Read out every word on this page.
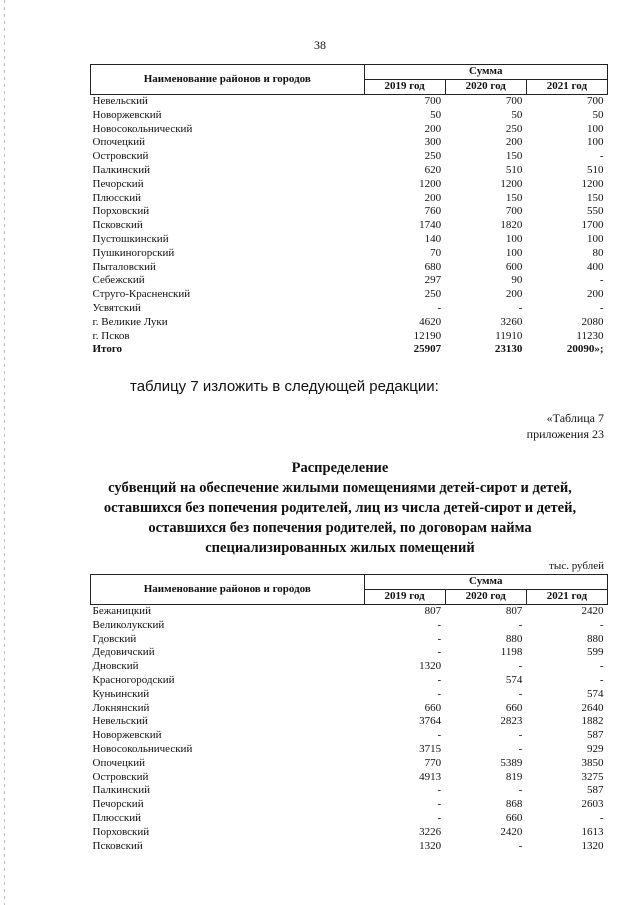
38
Наименование районов и городов	Сумма		
	2019 год	2020 год	2021 год
Невельский	700	700	700
Новоржевский	50	50	50
Новосокольнический	200	250	100
Опочецкий	300	200	100
Островский	250	150	-
Палкинский	620	510	510
Печорский	1200	1200	1200
Плюсский	200	150	150
Порховский	760	700	550
Псковский	1740	1820	1700
Пустошкинский	140	100	100
Пушкиногорский	70	100	80
Пыталовский	680	600	400
Себежский	297	90	-
Струго-Красненский	250	200	200
Усвятский	-	-	-
г. Великие Луки	4620	3260	2080
г. Псков	12190	11910	11230
Итого	25907	23130	20090»;
таблицу 7 изложить в следующей редакции:
«Таблица 7
приложения 23
Распределение
субвенций на обеспечение жилыми помещениями детей-сирот и детей,
оставшихся без попечения родителей, лиц из числа детей-сирот и детей,
оставшихся без попечения родителей, по договорам найма
специализированных жилых помещений
тыс. рублей
Наименование районов и городов	Сумма		
	2019 год	2020 год	2021 год
Бежаницкий	807	807	2420
Великолукский	-	-	-
Гдовский	-	880	880
Дедовичский	-	1198	599
Дновский	1320	-	-
Красногородский	-	574	-
Куньинский	-	-	574
Локнянский	660	660	2640
Невельский	3764	2823	1882
Новоржевский	-	-	587
Новосокольнический	3715	-	929
Опочецкий	770	5389	3850
Островский	4913	819	3275
Палкинский	-	-	587
Печорский	-	868	2603
Плюсский	-	660	-
Порховский	3226	2420	1613
Псковский	1320	-	1320
